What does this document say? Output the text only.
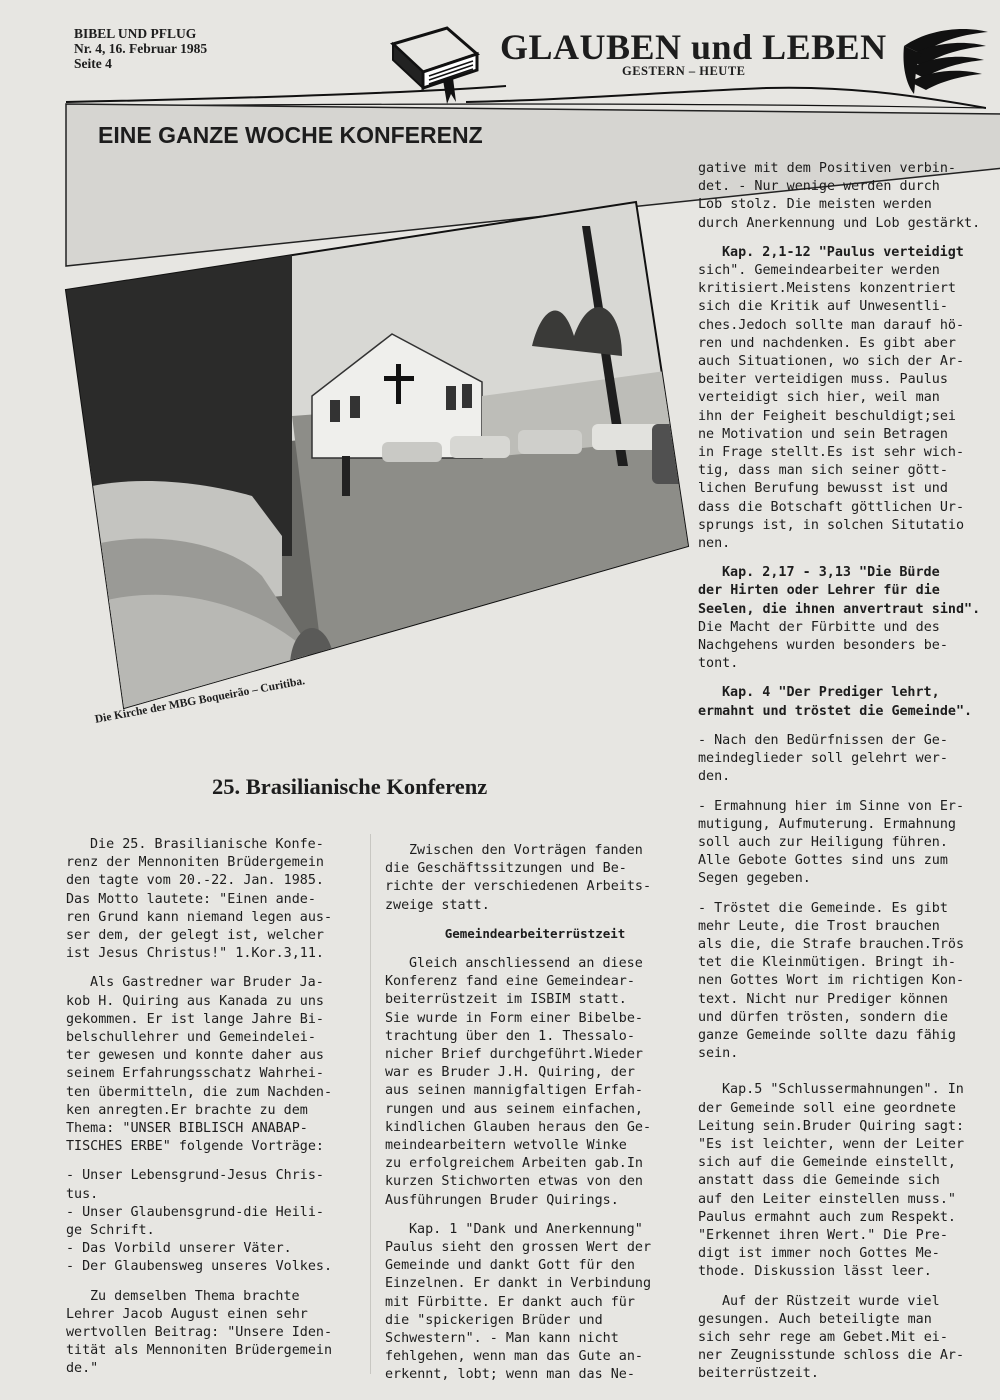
BIBEL UND PFLUG
Nr. 4, 16. Februar 1985
Seite 4	GLAUBEN und LEBEN
GESTERN – HEUTE
EINE GANZE WOCHE KONFERENZ
Die Kirche der MBG Boqueirão – Curitiba.
25. Brasilianische Konferenz

Die 25. Brasilianische Konfe-
renz der Mennoniten Brüdergemein
den tagte vom 20.-22. Jan. 1985.
Das Motto lautete: "Einen ande-
ren Grund kann niemand legen aus-
ser dem, der gelegt ist, welcher
ist Jesus Christus!" 1.Kor.3,11.

Als Gastredner war Bruder Ja-
kob H. Quiring aus Kanada zu uns
gekommen. Er ist lange Jahre Bi-
belschullehrer und Gemeindelei-
ter gewesen und konnte daher aus
seinem Erfahrungsschatz Wahrhei-
ten übermitteln, die zum Nachden-
ken anregten.Er brachte zu dem
Thema: "UNSER BIBLISCH ANABAP-
TISCHES ERBE" folgende Vorträge:

- Unser Lebensgrund-Jesus Chris-
tus.
- Unser Glaubensgrund-die Heili-
ge Schrift.
- Das Vorbild unserer Väter.
- Der Glaubensweg unseres Volkes.

Zu demselben Thema brachte
Lehrer Jacob August einen sehr
wertvollen Beitrag: "Unsere Iden-
tität als Mennoniten Brüdergemein
de."

Zwischen den Vorträgen fanden
die Geschäftssitzungen und Be-
richte der verschiedenen Arbeits-
zweige statt.

Gemeindearbeiterrüstzeit

Gleich anschliessend an diese
Konferenz fand eine Gemeindear-
beiterrüstzeit im ISBIM statt.
Sie wurde in Form einer Bibelbe-
trachtung über den 1. Thessalo-
nicher Brief durchgeführt.Wieder
war es Bruder J.H. Quiring, der
aus seinen mannigfaltigen Erfah-
rungen und aus seinem einfachen,
kindlichen Glauben heraus den Ge-
meindearbeitern wetvolle Winke
zu erfolgreichem Arbeiten gab.In
kurzen Stichworten etwas von den
Ausführungen Bruder Quirings.

Kap. 1 "Dank und Anerkennung"
Paulus sieht den grossen Wert der
Gemeinde und dankt Gott für den
Einzelnen. Er dankt in Verbindung
mit Fürbitte. Er dankt auch für
die "spickerigen Brüder und
Schwestern". - Man kann nicht
fehlgehen, wenn man das Gute an-
erkennt, lobt; wenn man das Ne-

gative mit dem Positiven verbin-
det. - Nur wenige werden durch
Lob stolz. Die meisten werden
durch Anerkennung und Lob gestärkt.

Kap. 2,1-12 "Paulus verteidigt
sich". Gemeindearbeiter werden
kritisiert.Meistens konzentriert
sich die Kritik auf Unwesentli-
ches.Jedoch sollte man darauf hö-
ren und nachdenken. Es gibt aber
auch Situationen, wo sich der Ar-
beiter verteidigen muss. Paulus
verteidigt sich hier, weil man
ihn der Feigheit beschuldigt;sei
ne Motivation und sein Betragen
in Frage stellt.Es ist sehr wich-
tig, dass man sich seiner gött-
lichen Berufung bewusst ist und
dass die Botschaft göttlichen Ur-
sprungs ist, in solchen Situtatio
nen.

Kap. 2,17 - 3,13 "Die Bürde
der Hirten oder Lehrer für die
Seelen, die ihnen anvertraut sind".
Die Macht der Fürbitte und des
Nachgehens wurden besonders be-
tont.

Kap. 4 "Der Prediger lehrt,
ermahnt und tröstet die Gemeinde".

- Nach den Bedürfnissen der Ge-
meindeglieder soll gelehrt wer-
den.

- Ermahnung hier im Sinne von Er-
mutigung, Aufmuterung. Ermahnung
soll auch zur Heiligung führen.
Alle Gebote Gottes sind uns zum
Segen gegeben.

- Tröstet die Gemeinde. Es gibt
mehr Leute, die Trost brauchen
als die, die Strafe brauchen.Trös
tet die Kleinmütigen. Bringt ih-
nen Gottes Wort im richtigen Kon-
text. Nicht nur Prediger können
und dürfen trösten, sondern die
ganze Gemeinde sollte dazu fähig
sein.

Kap.5 "Schlussermahnungen". In
der Gemeinde soll eine geordnete
Leitung sein.Bruder Quiring sagt:
"Es ist leichter, wenn der Leiter
sich auf die Gemeinde einstellt,
anstatt dass die Gemeinde sich
auf den Leiter einstellen muss."
Paulus ermahnt auch zum Respekt.
"Erkennet ihren Wert." Die Pre-
digt ist immer noch Gottes Me-
thode. Diskussion lässt leer.

Auf der Rüstzeit wurde viel
gesungen. Auch beteiligte man
sich sehr rege am Gebet.Mit ei-
ner Zeugnisstunde schloss die Ar-
beiterrüstzeit.
